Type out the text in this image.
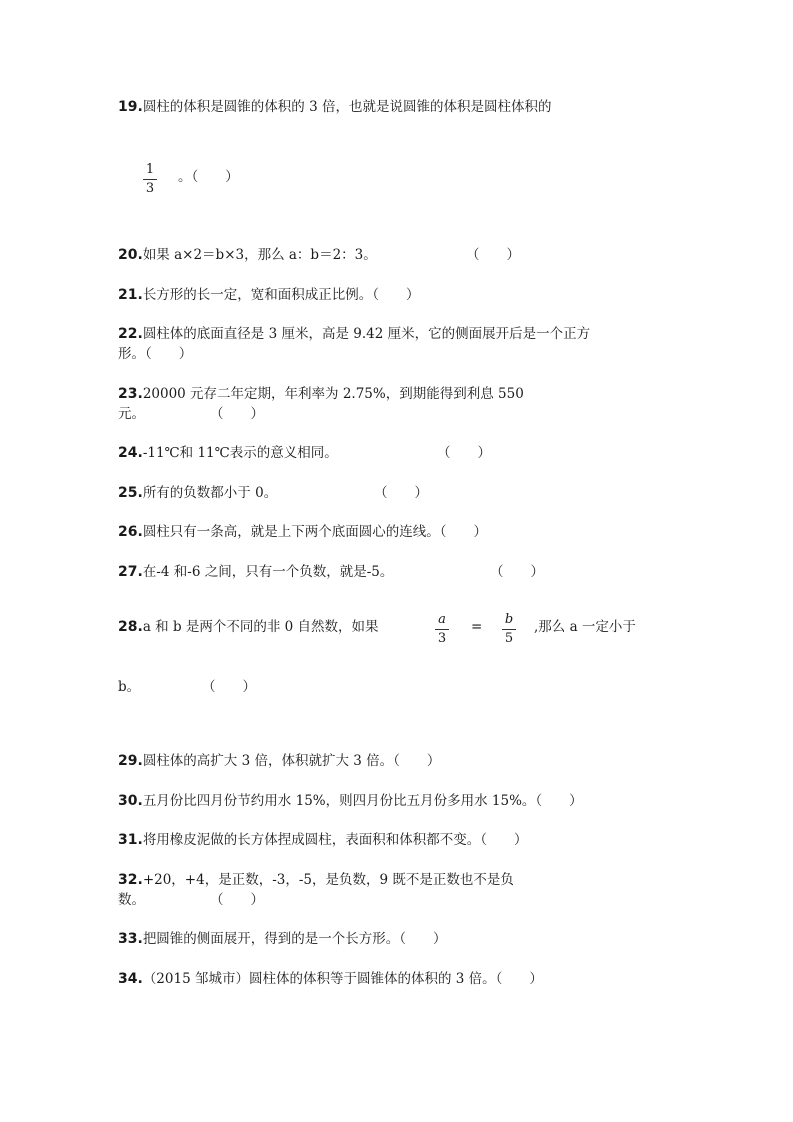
19.圆柱的体积是圆锥的体积的 3 倍，也就是说圆锥的体积是圆柱体积的
1
3
。（　　）
20.如果 a×2＝b×3，那么 a：b＝2：3。	（　　）
21.长方形的长一定，宽和面积成正比例。（　　）
22.圆柱体的底面直径是 3 厘米，高是 9.42 厘米，它的侧面展开后是一个正方
形。（　　）
23.20000 元存二年定期，年利率为 2.75%，到期能得到利息 550
元。	（　　）
24.-11℃和 11℃表示的意义相同。	（　　）
25.所有的负数都小于 0。	（　　）
26.圆柱只有一条高，就是上下两个底面圆心的连线。（　　）
27.在-4 和-6 之间，只有一个负数，就是-5。	（　　）
28.a 和 b 是两个不同的非 0 自然数，如果	a
3
= b
5
,那么 a 一定小于
b。	（　　）
29.圆柱体的高扩大 3 倍，体积就扩大 3 倍。（　　）
30.五月份比四月份节约用水 15%，则四月份比五月份多用水 15%。（　　）
31.将用橡皮泥做的长方体捏成圆柱，表面积和体积都不变。（　　）
32.+20，+4，是正数，-3，-5，是负数，9 既不是正数也不是负
数。	（　　）
33.把圆锥的侧面展开，得到的是一个长方形。（　　）
34.（2015 邹城市）圆柱体的体积等于圆锥体的体积的 3 倍。（　　）
